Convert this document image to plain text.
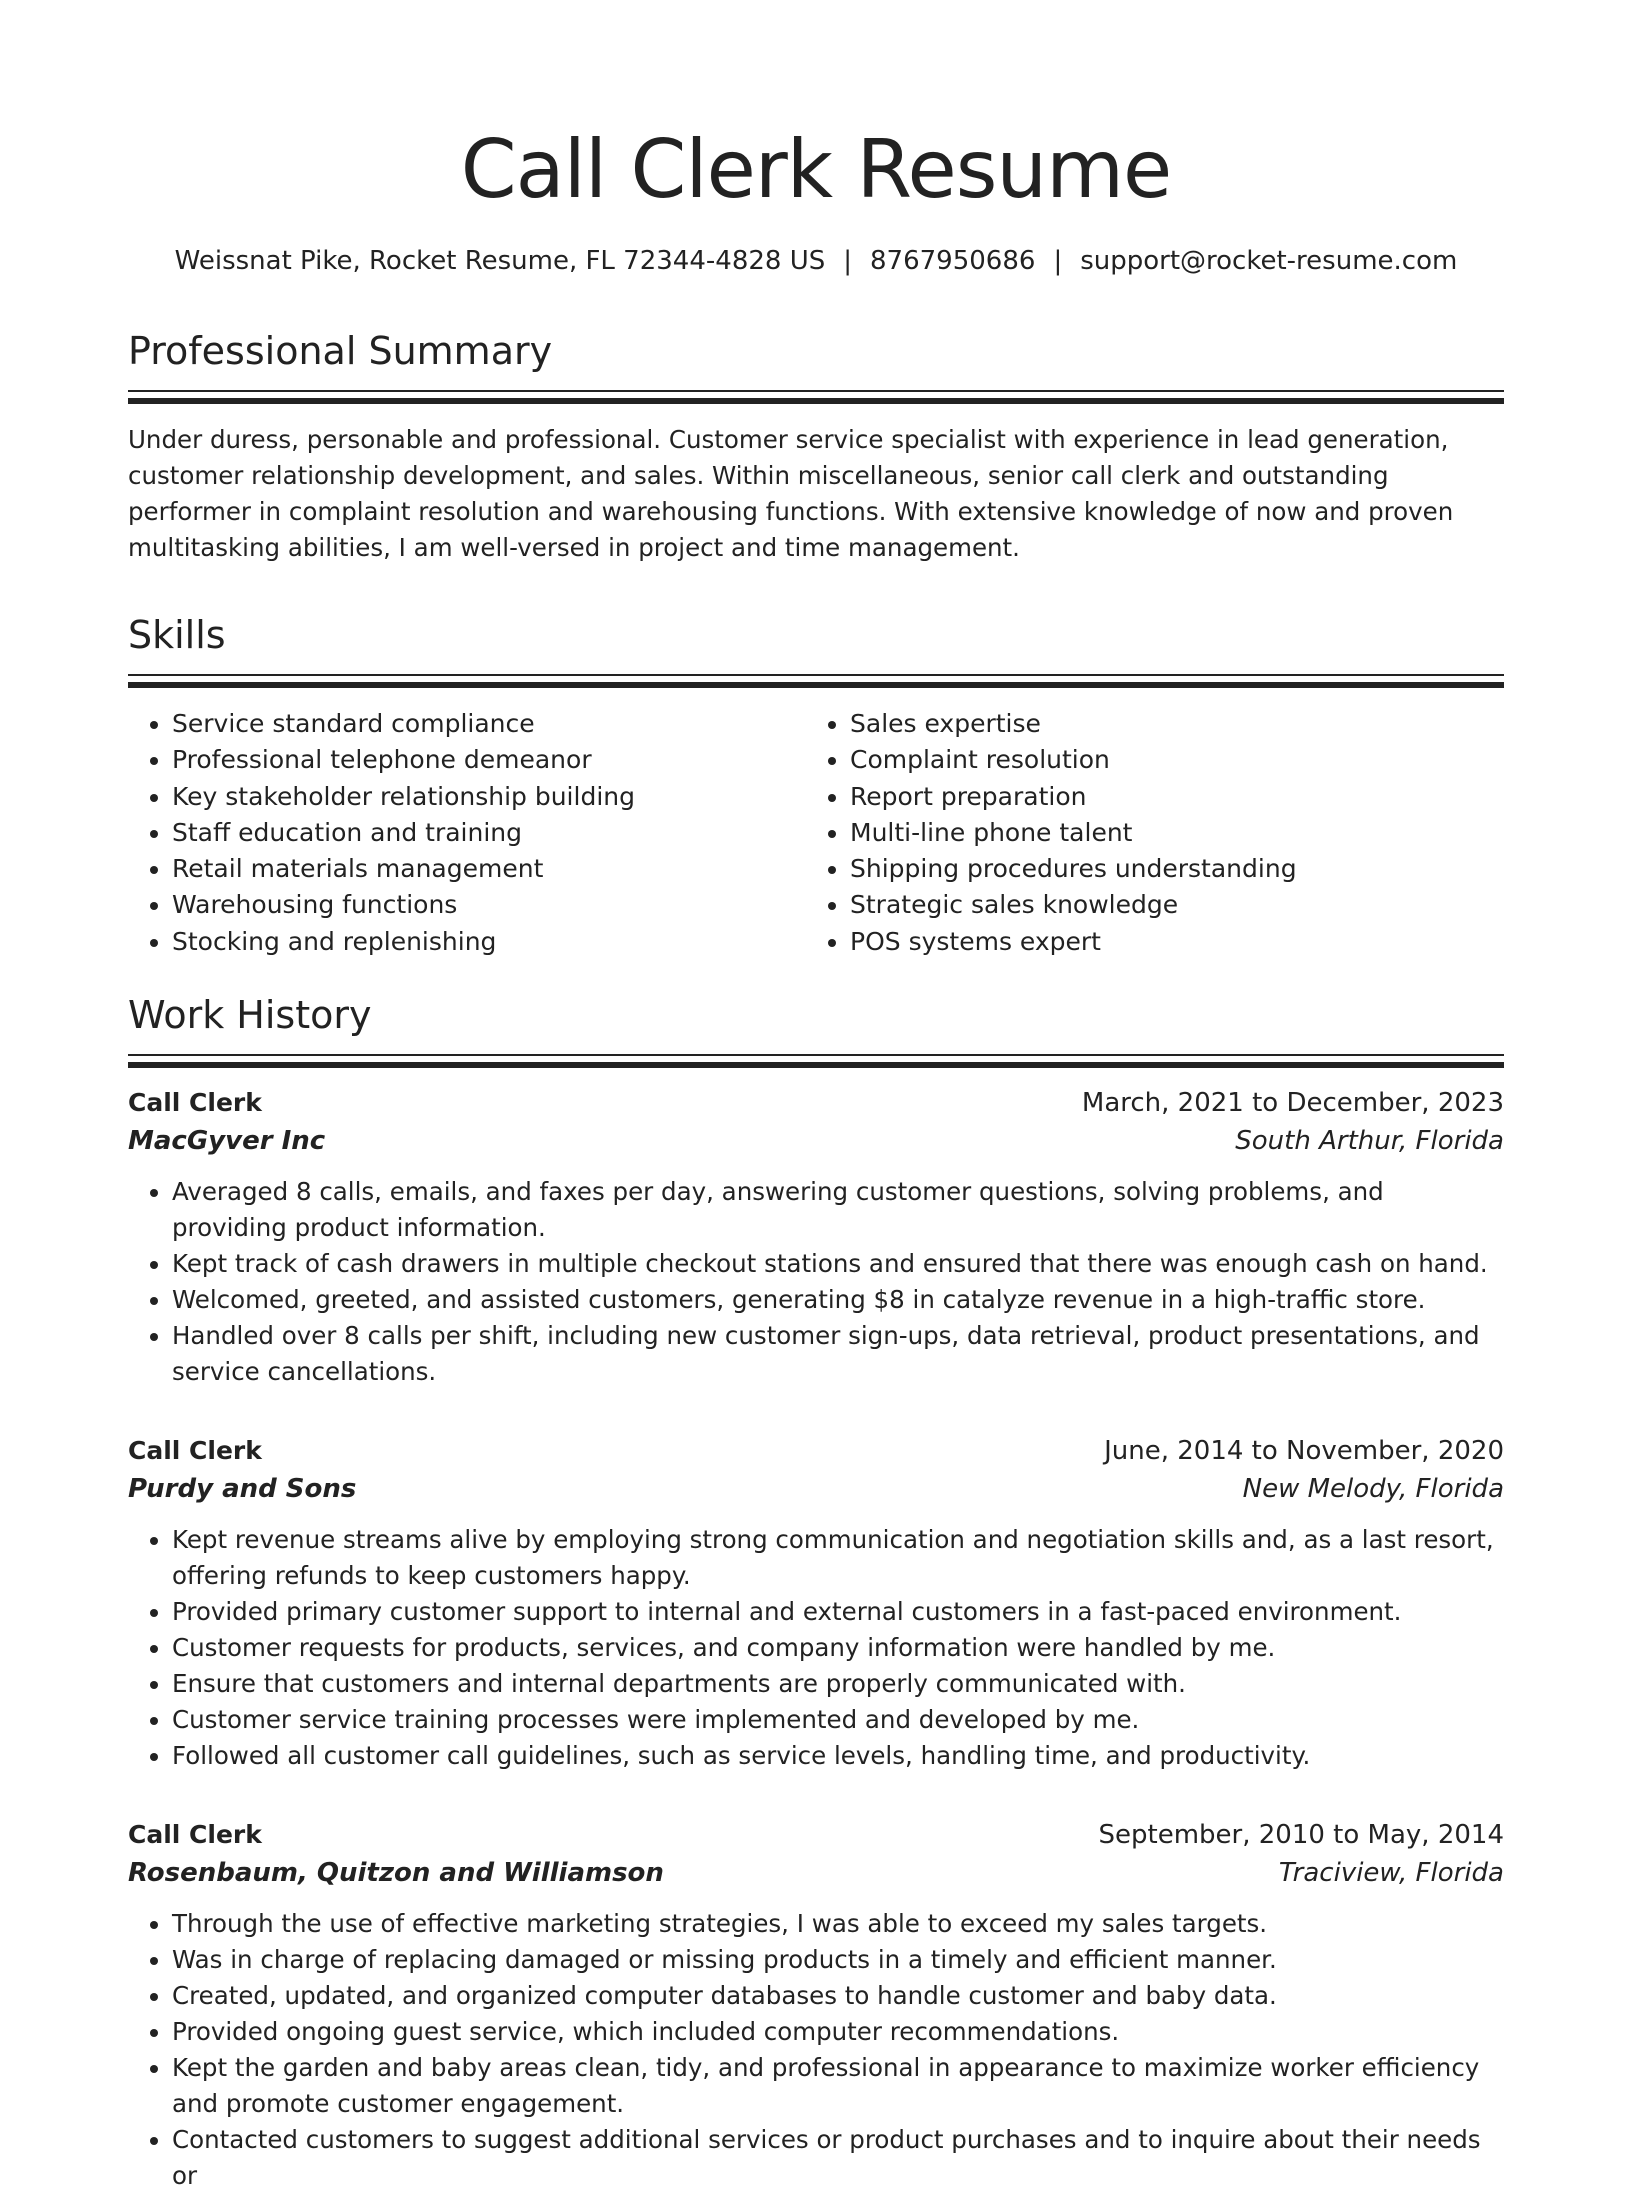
Call Clerk Resume
Weissnat Pike, Rocket Resume, FL 72344-4828 US | 8767950686 | support@rocket-resume.com
Professional Summary

Under duress, personable and professional. Customer service specialist with experience in lead generation, customer relationship development, and sales. Within miscellaneous, senior call clerk and outstanding performer in complaint resolution and warehousing functions. With extensive knowledge of now and proven multitasking abilities, I am well-versed in project and time management.

Skills
• Service standard compliance
• Professional telephone demeanor
• Key stakeholder relationship building
• Staff education and training
• Retail materials management
• Warehousing functions
• Stocking and replenishing
• Sales expertise
• Complaint resolution
• Report preparation
• Multi-line phone talent
• Shipping procedures understanding
• Strategic sales knowledge
• POS systems expert
Work History
Call Clerk	March, 2021 to December, 2023
MacGyver Inc	South Arthur, Florida
• Averaged 8 calls, emails, and faxes per day, answering customer questions, solving problems, and providing product information.
• Kept track of cash drawers in multiple checkout stations and ensured that there was enough cash on hand.
• Welcomed, greeted, and assisted customers, generating $8 in catalyze revenue in a high-traffic store.
• Handled over 8 calls per shift, including new customer sign-ups, data retrieval, product presentations, and service cancellations.
Call Clerk	June, 2014 to November, 2020
Purdy and Sons	New Melody, Florida
• Kept revenue streams alive by employing strong communication and negotiation skills and, as a last resort, offering refunds to keep customers happy.
• Provided primary customer support to internal and external customers in a fast-paced environment.
• Customer requests for products, services, and company information were handled by me.
• Ensure that customers and internal departments are properly communicated with.
• Customer service training processes were implemented and developed by me.
• Followed all customer call guidelines, such as service levels, handling time, and productivity.
Call Clerk	September, 2010 to May, 2014
Rosenbaum, Quitzon and Williamson	Traciview, Florida
• Through the use of effective marketing strategies, I was able to exceed my sales targets.
• Was in charge of replacing damaged or missing products in a timely and efficient manner.
• Created, updated, and organized computer databases to handle customer and baby data.
• Provided ongoing guest service, which included computer recommendations.
• Kept the garden and baby areas clean, tidy, and professional in appearance to maximize worker efficiency and promote customer engagement.
• Contacted customers to suggest additional services or product purchases and to inquire about their needs or
